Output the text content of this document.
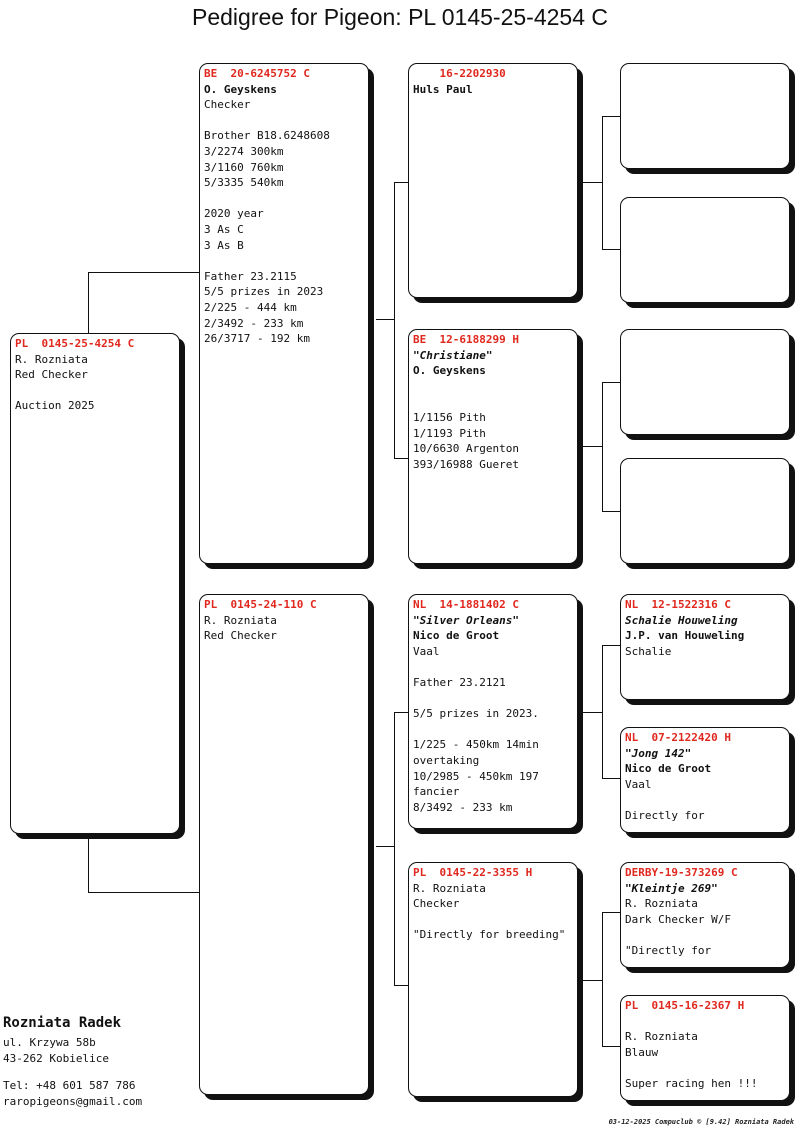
Pedigree for Pigeon: PL 0145-25-4254 C
PL  0145-25-4254 C
R. Rozniata
Red Checker
Auction 2025
BE  20-6245752 C
O. Geyskens
Checker
Brother B18.6248608
3/2274 300km
3/1160 760km
5/3335 540km
2020 year
3 As C
3 As B
Father 23.2115
5/5 prizes in 2023
2/225 - 444 km
2/3492 - 233 km
26/3717 - 192 km
PL  0145-24-110 C
R. Rozniata
Red Checker
16-2202930
Huls Paul
BE  12-6188299 H
"Christiane"
O. Geyskens
1/1156 Pith
1/1193 Pith
10/6630 Argenton
393/16988 Gueret
NL  14-1881402 C
"Silver Orleans"
Nico de Groot
Vaal
Father 23.2121
5/5 prizes in 2023.
1/225 - 450km 14min overtaking
10/2985 - 450km 197 fancier
8/3492 - 233 km
PL  0145-22-3355 H
R. Rozniata
Checker
"Directly for breeding"
NL  12-1522316 C
Schalie Houweling
J.P. van Houweling
Schalie
NL  07-2122420 H
"Jong 142"
Nico de Groot
Vaal
Directly for
DERBY-19-373269 C
"Kleintje 269"
R. Rozniata
Dark Checker W/F
"Directly for
PL  0145-16-2367 H
R. Rozniata
Blauw
Super racing hen !!!
Rozniata Radek
ul. Krzywa 58b
43-262 Kobielice
Tel: +48 601 587 786
raropigeons@gmail.com
03-12-2025 Compuclub © [9.42] Rozniata Radek
